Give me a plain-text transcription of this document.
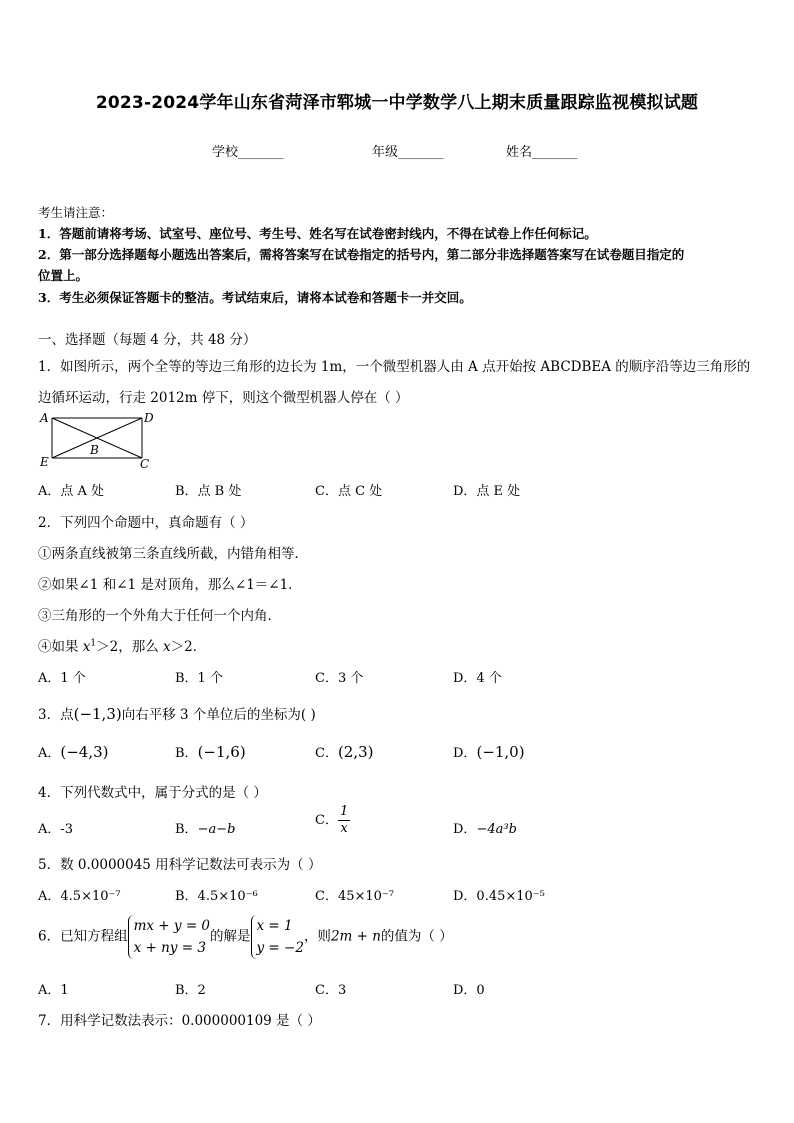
2023-2024学年山东省菏泽市郓城一中学数学八上期末质量跟踪监视模拟试题
学校_______	年级_______	姓名_______
考生请注意：
1．答题前请将考场、试室号、座位号、考生号、姓名写在试卷密封线内，不得在试卷上作任何标记。
2．第一部分选择题每小题选出答案后，需将答案写在试卷指定的括号内，第二部分非选择题答案写在试卷题目指定的
位置上。
3．考生必须保证答题卡的整洁。考试结束后，请将本试卷和答题卡一并交回。
一、选择题（每题 4 分，共 48 分）
1．如图所示，两个全等的等边三角形的边长为 1m，一个微型机器人由 A 点开始按 ABCDBEA 的顺序沿等边三角形的
边循环运动，行走 2012m 停下，则这个微型机器人停在（ ）
A
E
B
D
C
A．点 A 处	B．点 B 处	C．点 C 处	D．点 E 处
2．下列四个命题中，真命题有（ ）
①两条直线被第三条直线所截，内错角相等．
②如果∠1 和∠1 是对顶角，那么∠1＝∠1．
③三角形的一个外角大于任何一个内角．
④如果 $x^1>2$，那么 x＞2．
A．1 个	B．1 个	C．3 个	D．4 个
3．点(−1,3)向右平移 3 个单位后的坐标为( )
A．(−4,3)	B．(−1,6)	C．(2,3)	D．(−1,0)
4．下列代数式中，属于分式的是（ ）
A．-3	B．−a−b
C． $\frac{1}{x}$	D．−4a³b
5．数 0.0000045 用科学记数法可表示为（ ）
A．4.5×10⁻⁷	B．4.5×10⁻⁶	C．45×10⁻⁷	D．0.45×10⁻⁵
6．已知方程组
mx + y = 0
x + ny = 3
的解是
x = 1
y = −2
，则2m + n的值为（ ）
A．1	B．2	C．3	D．0
7．用科学记数法表示：0.000000109 是（ ）
